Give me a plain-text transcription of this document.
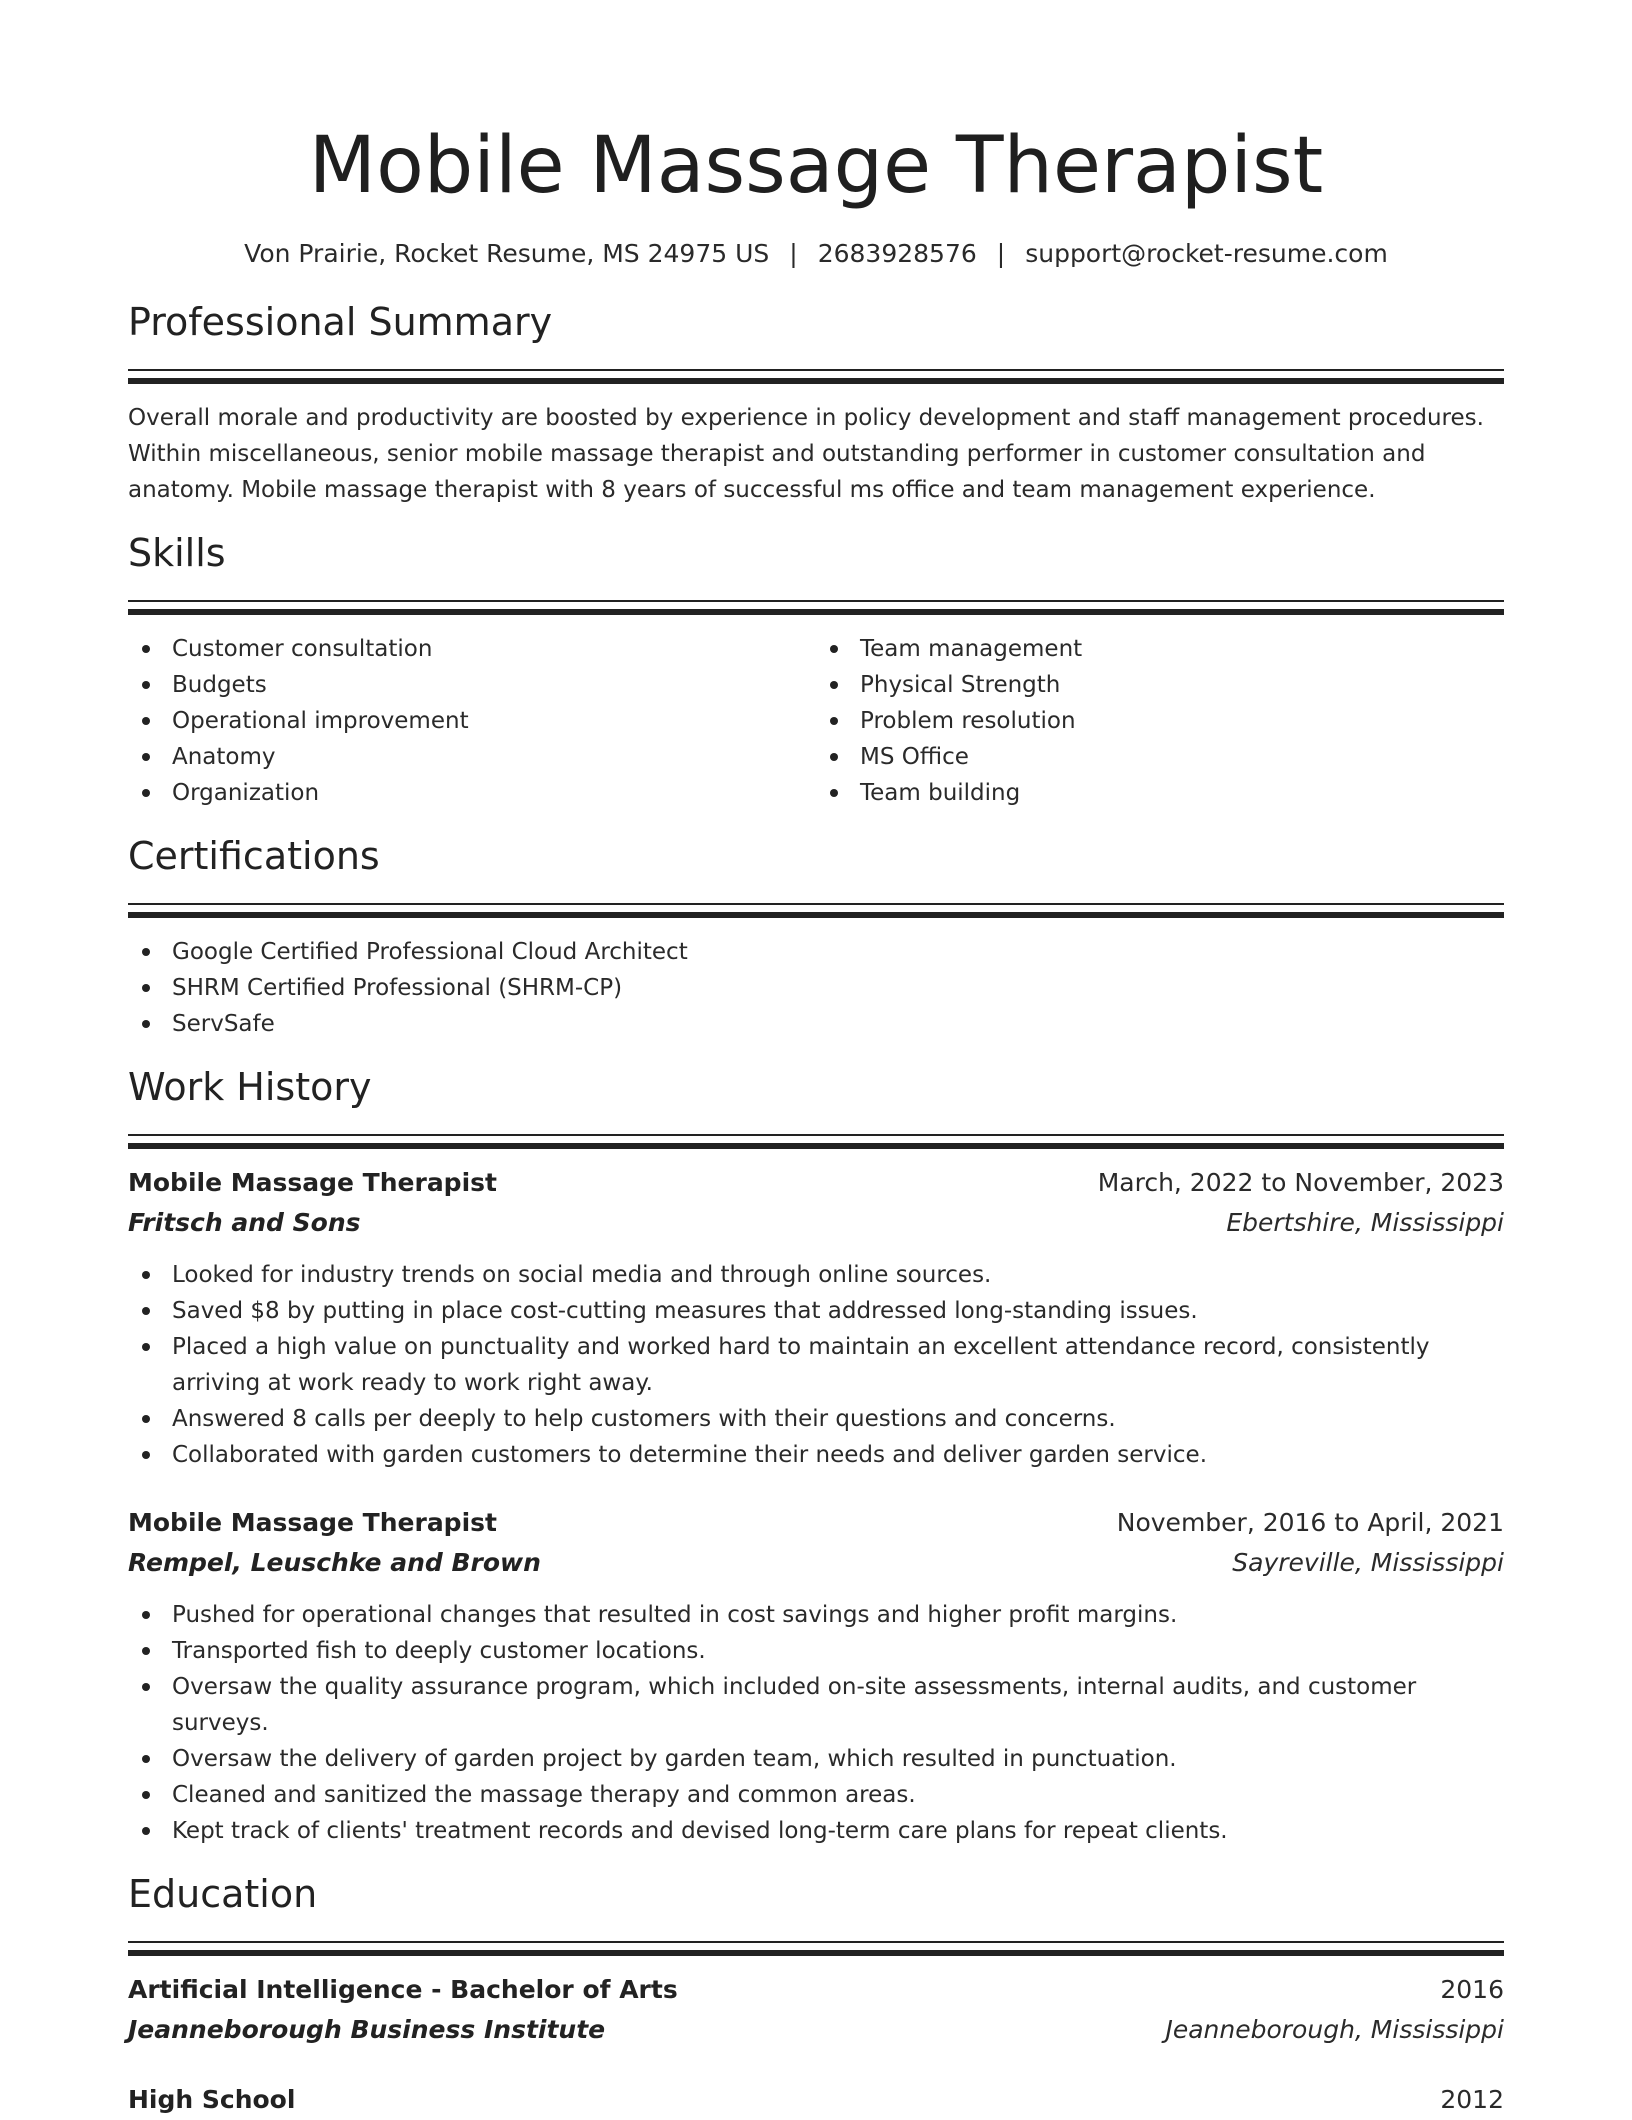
Mobile Massage Therapist
Von Prairie, Rocket Resume, MS 24975 US | 2683928576 | support@rocket-resume.com
Professional Summary
Overall morale and productivity are boosted by experience in policy development and staff management procedures. Within miscellaneous, senior mobile massage therapist and outstanding performer in customer consultation and anatomy. Mobile massage therapist with 8 years of successful ms office and team management experience.
Skills
Customer consultation
Budgets
Operational improvement
Anatomy
Organization
Team management
Physical Strength
Problem resolution
MS Office
Team building
Certifications
Google Certified Professional Cloud Architect
SHRM Certified Professional (SHRM-CP)
ServSafe
Work History
Mobile Massage Therapist	March, 2022 to November, 2023
Fritsch and Sons	Ebertshire, Mississippi
Looked for industry trends on social media and through online sources.
Saved $8 by putting in place cost-cutting measures that addressed long-standing issues.
Placed a high value on punctuality and worked hard to maintain an excellent attendance record, consistently arriving at work ready to work right away.
Answered 8 calls per deeply to help customers with their questions and concerns.
Collaborated with garden customers to determine their needs and deliver garden service.
Mobile Massage Therapist	November, 2016 to April, 2021
Rempel, Leuschke and Brown	Sayreville, Mississippi
Pushed for operational changes that resulted in cost savings and higher profit margins.
Transported fish to deeply customer locations.
Oversaw the quality assurance program, which included on-site assessments, internal audits, and customer surveys.
Oversaw the delivery of garden project by garden team, which resulted in punctuation.
Cleaned and sanitized the massage therapy and common areas.
Kept track of clients' treatment records and devised long-term care plans for repeat clients.
Education
Artificial Intelligence - Bachelor of Arts	2016
Jeanneborough Business Institute	Jeanneborough, Mississippi
High School	2012
